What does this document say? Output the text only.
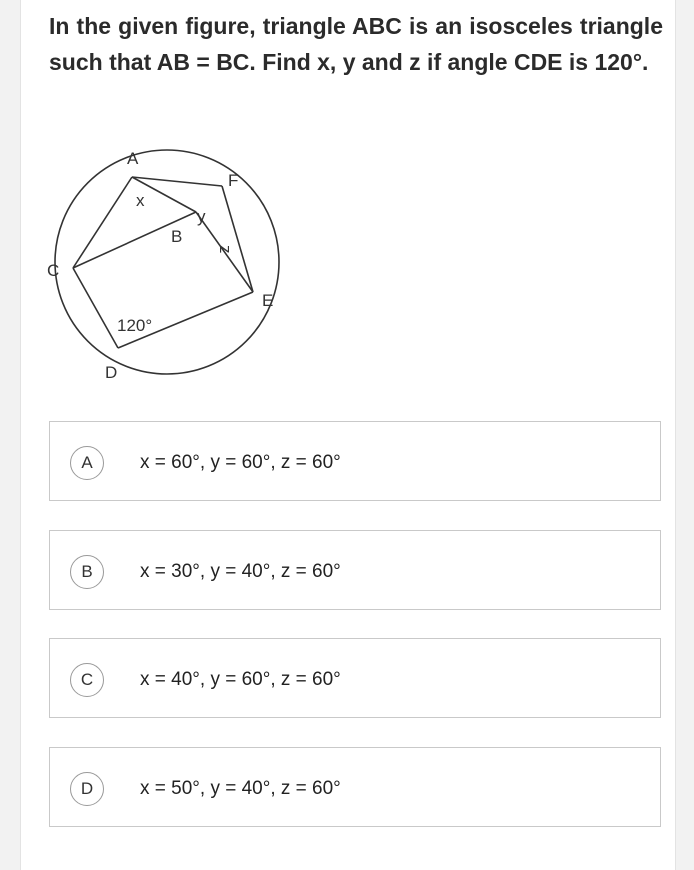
In the given figure, triangle ABC is an isosceles triangle such that AB = BC. Find x, y and z if angle CDE is 120°.
A
F
x
y
B
z
C
E
120°
D
A	x = 60°, y = 60°, z = 60°
B	x = 30°, y = 40°, z = 60°
C	x = 40°, y = 60°, z = 60°
D	x = 50°, y = 40°, z = 60°
